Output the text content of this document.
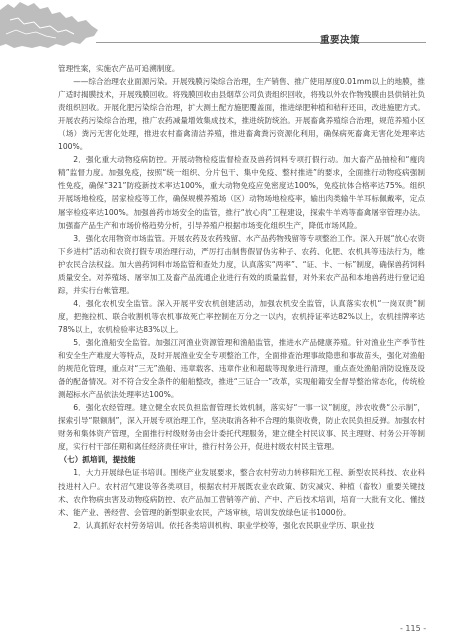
重要决策

管理性案，实施农产品可追溯制度。

——综合治理农业面源污染。开展残膜污染综合治理，生产销售、推广使用厚度0.01mm以上的地膜，推广适时揭膜技术，开展残膜回收。将残膜回收由县烟草公司负责组织回收，将残以外农作物残膜由县供销社负责组织回收。开展化肥污染综合治理，扩大测土配方施肥覆盖面，推进绿肥种植和秸秆还田，改进施肥方式。开展农药污染综合治理，推广农药减量增效集成技术，推进统防统治。开展畜禽养殖综合治理，规范养殖小区（场）粪污无害化处理，推进农村畜禽清洁养殖，推进畜禽粪污资源化利用，确保病死畜禽无害化处理率达100%。

2．强化重大动物疫病防控。开展动物检疫监督检查及兽药饲料专项打假行动。加大畜产品抽检和“瘦肉精”监督力度。加强免疫，按照“统一组织、分片包干、集中免疫、整村推进”的要求，全面推行动物疫病强制性免疫，确保“321”防疫新技术率达100%，重大动物免疫应免密度达100%，免疫抗体合格率达75%。组织开展场地检疫，居家检疫等工作，确保规模养殖场（区）动物场地检疫率，输出肉类输牛羊耳标佩戴率，定点屠宰检疫率达100%。加强兽药市场安全的监管，推行“放心肉”工程建设，探索牛羊鸡等畜禽屠宰管理办法。加强畜产品生产和市场价格趋势分析，引导养殖户根据市场变化组织生产，降低市场风险。

3．强化农用物资市场监管。开展农药及农药残留、水产品药物残留等专项整治工作。深入开展“放心农资下乡进村”活动和农资打假专项治理行动，严厉打击制售假冒伪劣种子、农药、化肥、农机具等违法行为，维护农民合法权益。加大兽药饲料市场监管和查处力度，认真落实“两率”、“证、卡、一标”制度，确保兽药饲料质量安全。对养殖场、屠宰加工及畜产品流通企业进行有效的质量监督，对外来农产品和本地兽药进行登记追踪，并实行台帐管理。

4．强化农机安全监管。深入开展平安农机创建活动，加强农机安全监管，认真落实农机“一岗双责”制度，把拖拉机、联合收割机等农机事故死亡率控制在万分之一以内，农机持证率达82%以上，农机挂牌率达78%以上，农机检验率达83%以上。

5．强化渔船安全监管。加强江河渔业资源管理和渔船监管，推进水产品健康养殖。针对渔业生产季节性和安全生产难度大等特点，及时开展渔业安全专项整治工作，全面排查治理事故隐患和事故苗头，强化对渔船的规范化管理，重点对“三无”渔船、违章载客、违章作业和超载等现象进行清理，重点查处渔船消防设施及设备的配备情况。对不符合安全条件的船舶整改，推进“三证合一”改革，实现船籍安全督导整治常态化，传统检测超标水产品依法处理率达100%。

6．强化农经管理。建立健全农民负担监督管理长效机制，落实好“一事一议”制度，涉农收费“公示制”，探索引导“限额制”，深入开展专项治理工作，坚决取消各种不合理的集资收费，防止农民负担反弹。加强农村财务和集体资产管理，全面推行村级财务由会计委托代理服务，建立健全村民议事、民主理财、村务公开等制度，实行村干部任期和离任经济责任审计，推行村务公开，促进村级农村民主管理。

（七）抓培训，提技能

1．大力开展绿色证书培训。围绕产业发展要求，整合农村劳动力转移阳光工程、新型农民科技、农业科技进村入户。农村沼气建设等各类项目，根据农村开展既农业农政策、防灾减灾、种植（畜牧）重要关键技术、农作物病虫害及动物疫病防控、农产品加工营销等产前、产中、产后技术培训，培育一大批有文化、懂技术、能产业、善经营、会管理的新型职业农民，产场审核，培训发放绿色证书1000份。

2．认真抓好农村劳务培训。依托各类培训机构、职业学校等，强化农民职业学历、职业技

- 115 -
